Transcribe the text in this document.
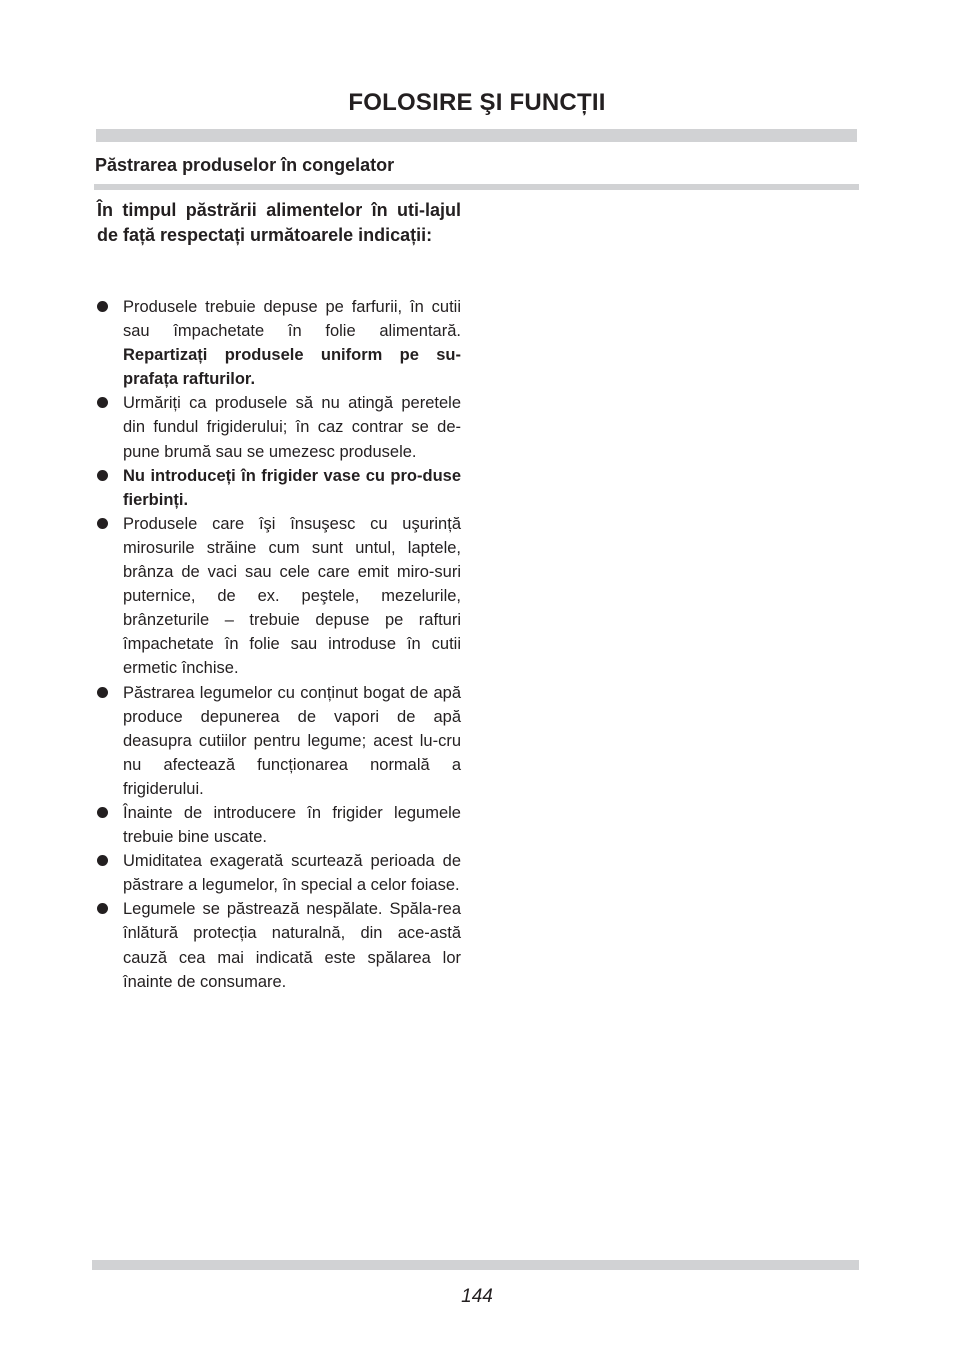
FOLOSIRE ŞI FUNCȚII
Păstrarea produselor în congelator

În timpul păstrării alimentelor în uti-lajul de față respectați următoarele indicații:

Produsele trebuie depuse pe farfurii, în cutii sau împachetate în folie alimentară. Repartizați produsele uniform pe su-prafața rafturilor.
Urmăriți ca produsele să nu atingă peretele din fundul frigiderului; în caz contrar se de-pune brumă sau se umezesc produsele.
Nu introduceți în frigider vase cu pro-duse fierbinți.
Produsele care îşi însuşesc cu uşurință mirosurile străine cum sunt untul, laptele, brânza de vaci sau cele care emit miro-suri puternice, de ex. peştele, mezelurile, brânzeturile – trebuie depuse pe rafturi împachetate în folie sau introduse în cutii ermetic închise.
Păstrarea legumelor cu conținut bogat de apă produce depunerea de vapori de apă deasupra cutiilor pentru legume; acest lu-cru nu afectează funcționarea normală a frigiderului.
Înainte de introducere în frigider legumele trebuie bine uscate.
Umiditatea exagerată scurtează perioada de păstrare a legumelor, în special a celor foiase.
Legumele se păstrează nespălate. Spăla-rea înlătură protecția naturalnă, din ace-astă cauză cea mai indicată este spălarea lor înainte de consumare.
144
